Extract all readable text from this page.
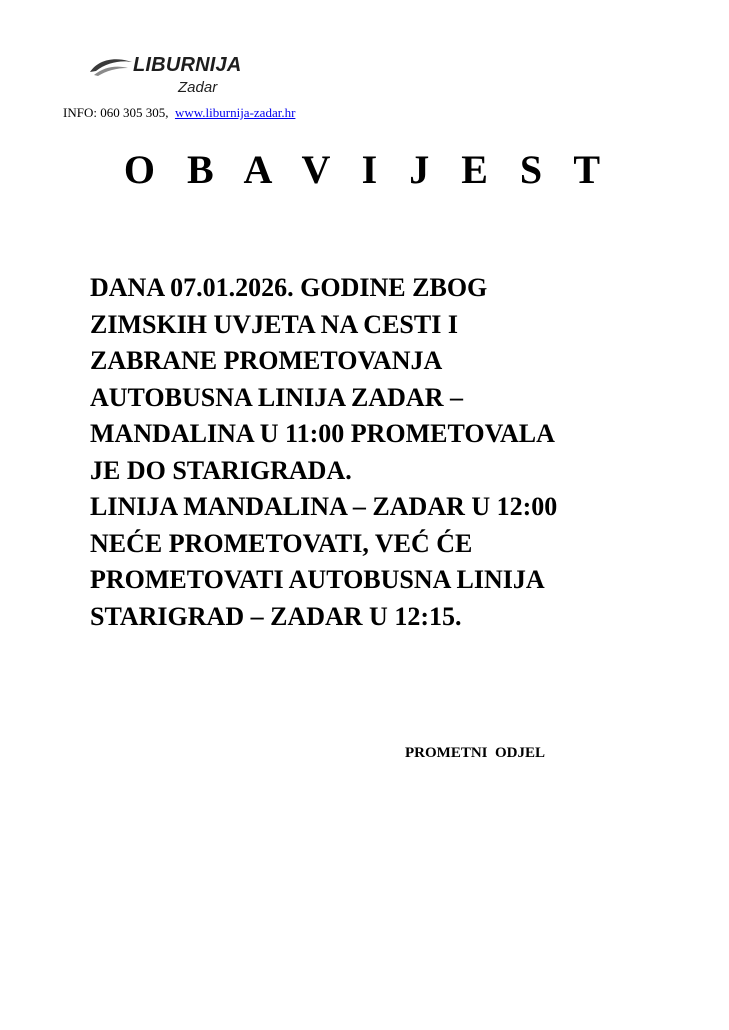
LIBURNIJA
Zadar
INFO: 060 305 305, www.liburnija-zadar.hr
O B A V I J E S T
DANA 07.01.2026. GODINE ZBOG
ZIMSKIH UVJETA NA CESTI I
ZABRANE PROMETOVANJA
AUTOBUSNA LINIJA ZADAR –
MANDALINA U 11:00 PROMETOVALA
JE DO STARIGRADA.
LINIJA MANDALINA – ZADAR U 12:00
NEĆE PROMETOVATI, VEĆ ĆE
PROMETOVATI AUTOBUSNA LINIJA
STARIGRAD – ZADAR U 12:15.
PROMETNI  ODJEL
